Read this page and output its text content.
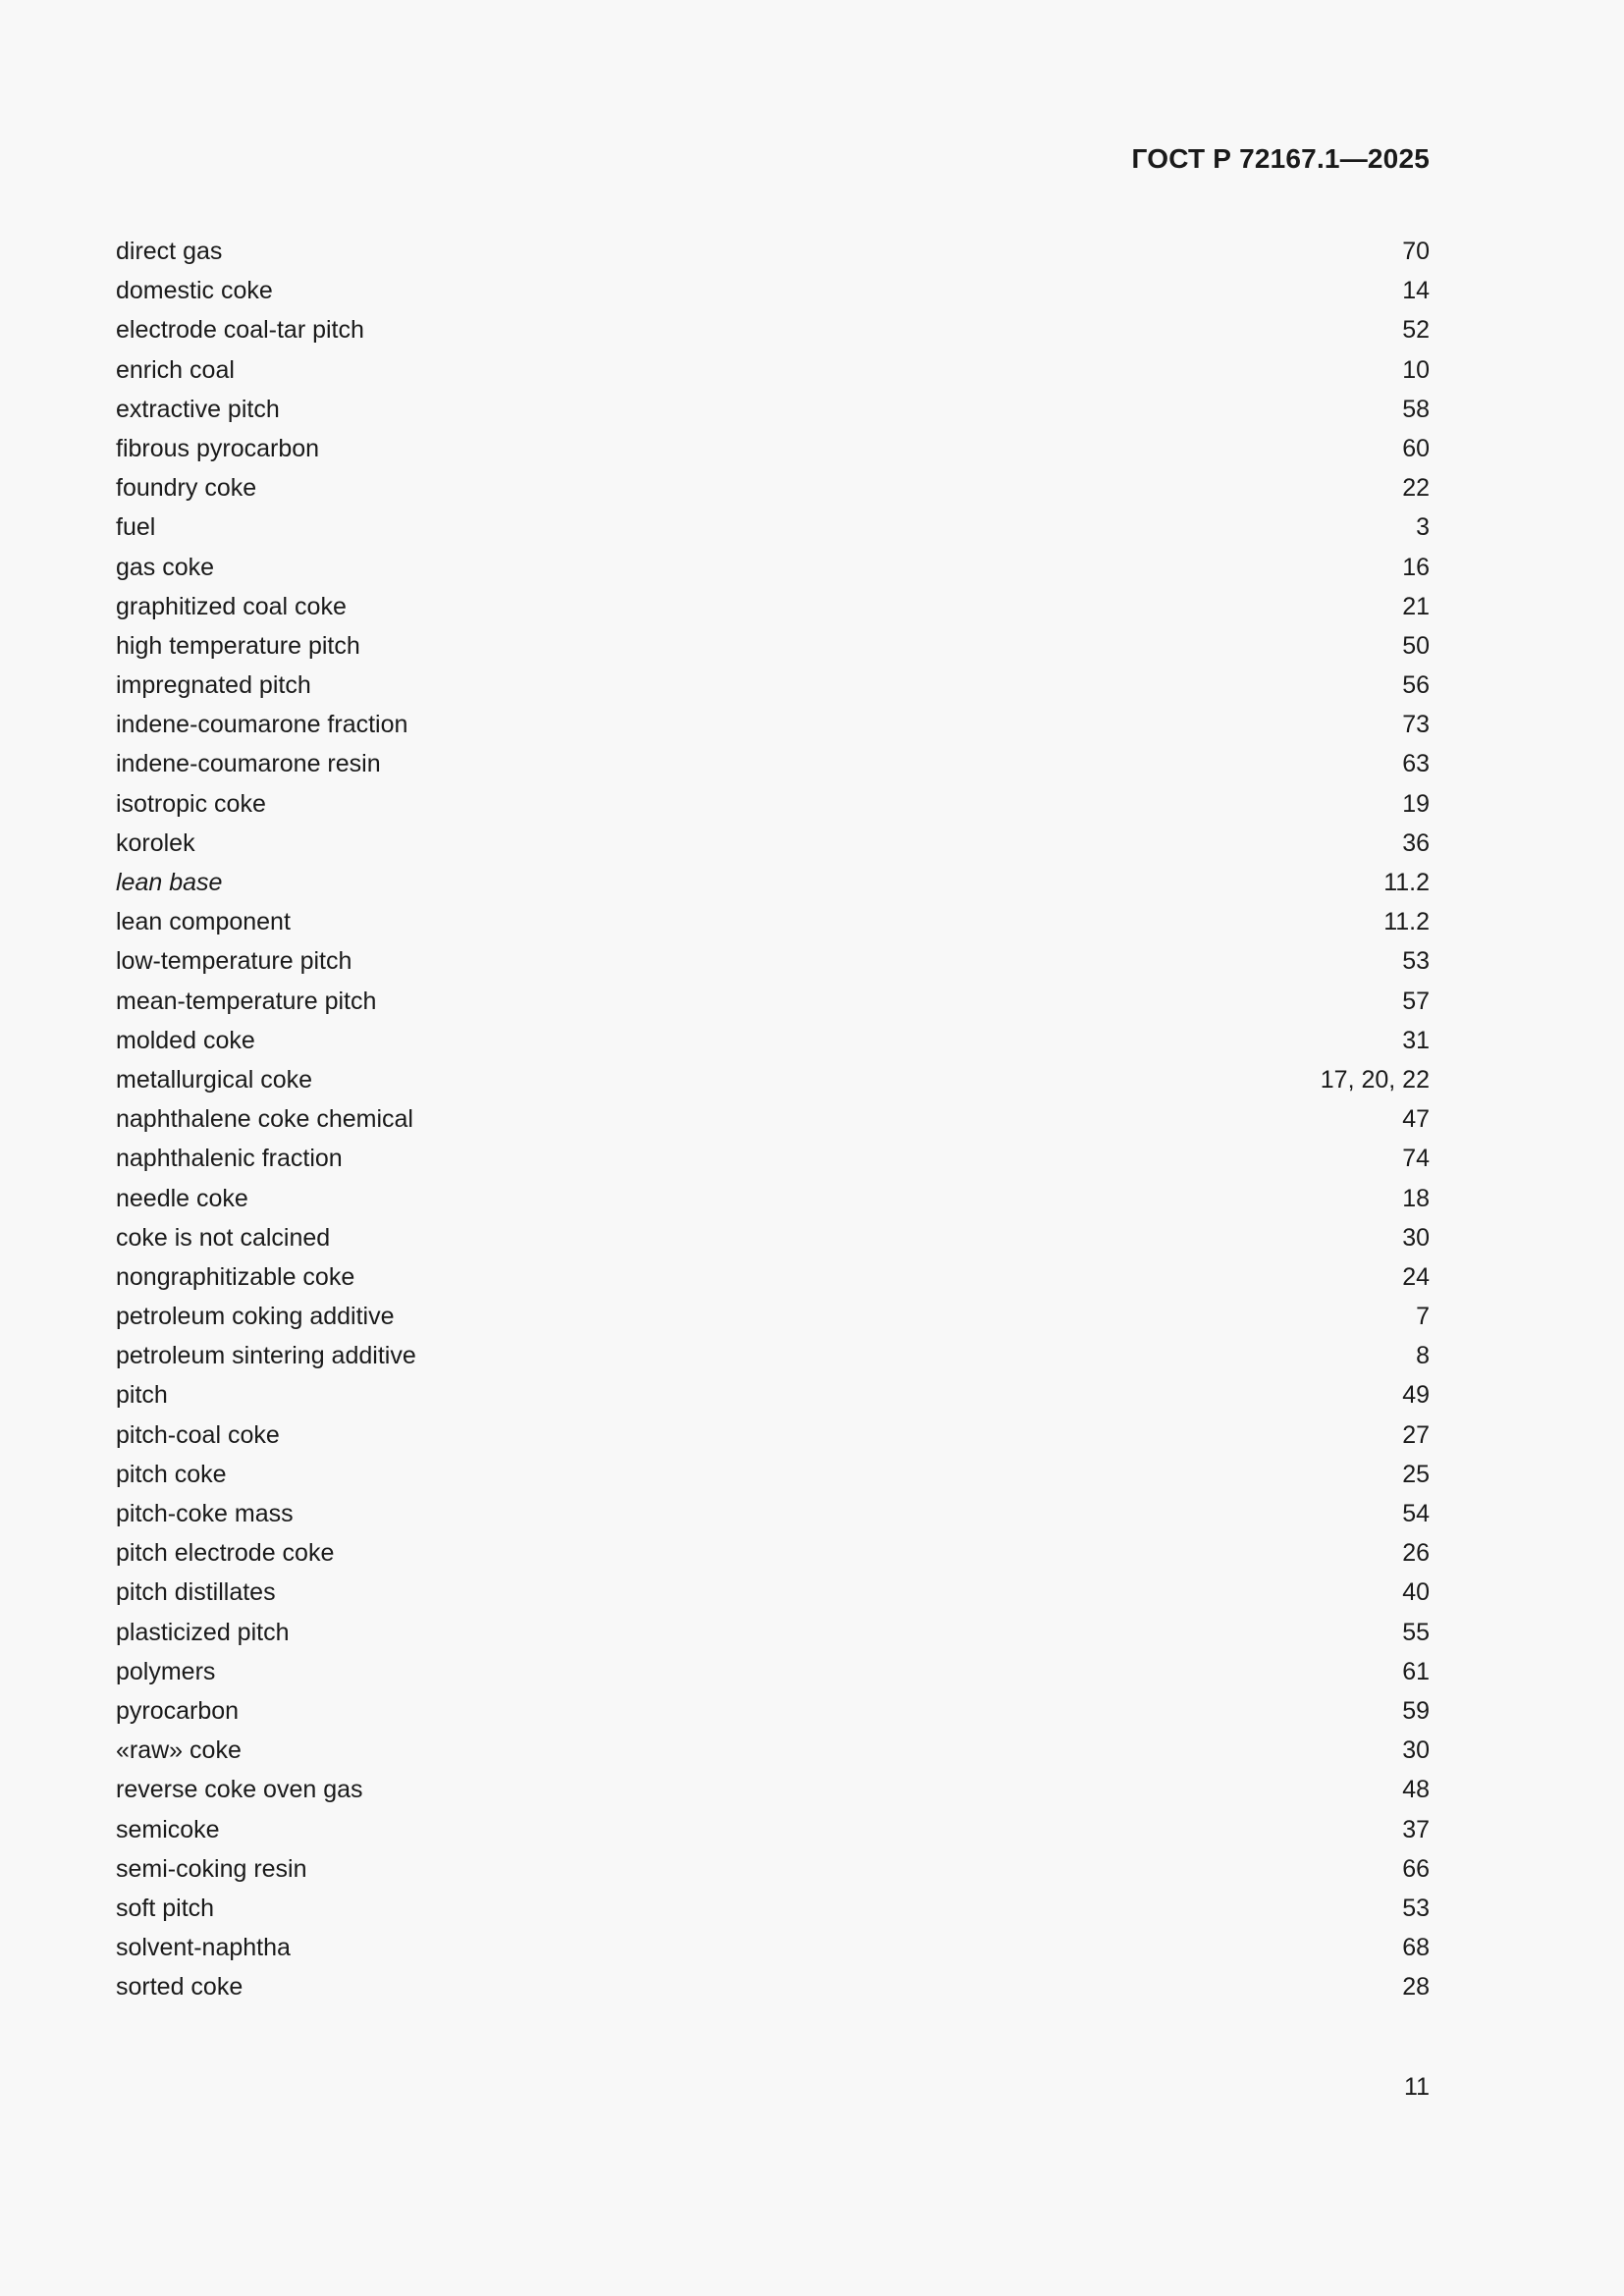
ГОСТ Р 72167.1—2025
direct gas	70
domestic coke	14
electrode coal-tar pitch	52
enrich coal	10
extractive pitch	58
fibrous pyrocarbon	60
foundry coke	22
fuel	3
gas coke	16
graphitized coal coke	21
high temperature pitch	50
impregnated pitch	56
indene-coumarone fraction	73
indene-coumarone resin	63
isotropic coke	19
korolek	36
lean base	11.2
lean component	11.2
low-temperature pitch	53
mean-temperature pitch	57
molded coke	31
metallurgical coke	17, 20, 22
naphthalene coke chemical	47
naphthalenic fraction	74
needle coke	18
coke is not calcined	30
nongraphitizable coke	24
petroleum coking additive	7
petroleum sintering additive	8
pitch	49
pitch-coal coke	27
pitch coke	25
pitch-coke mass	54
pitch electrode coke	26
pitch distillates	40
plasticized pitch	55
polymers	61
pyrocarbon	59
«raw» coke	30
reverse coke oven gas	48
semicoke	37
semi-coking resin	66
soft pitch	53
solvent-naphtha	68
sorted coke	28
11
